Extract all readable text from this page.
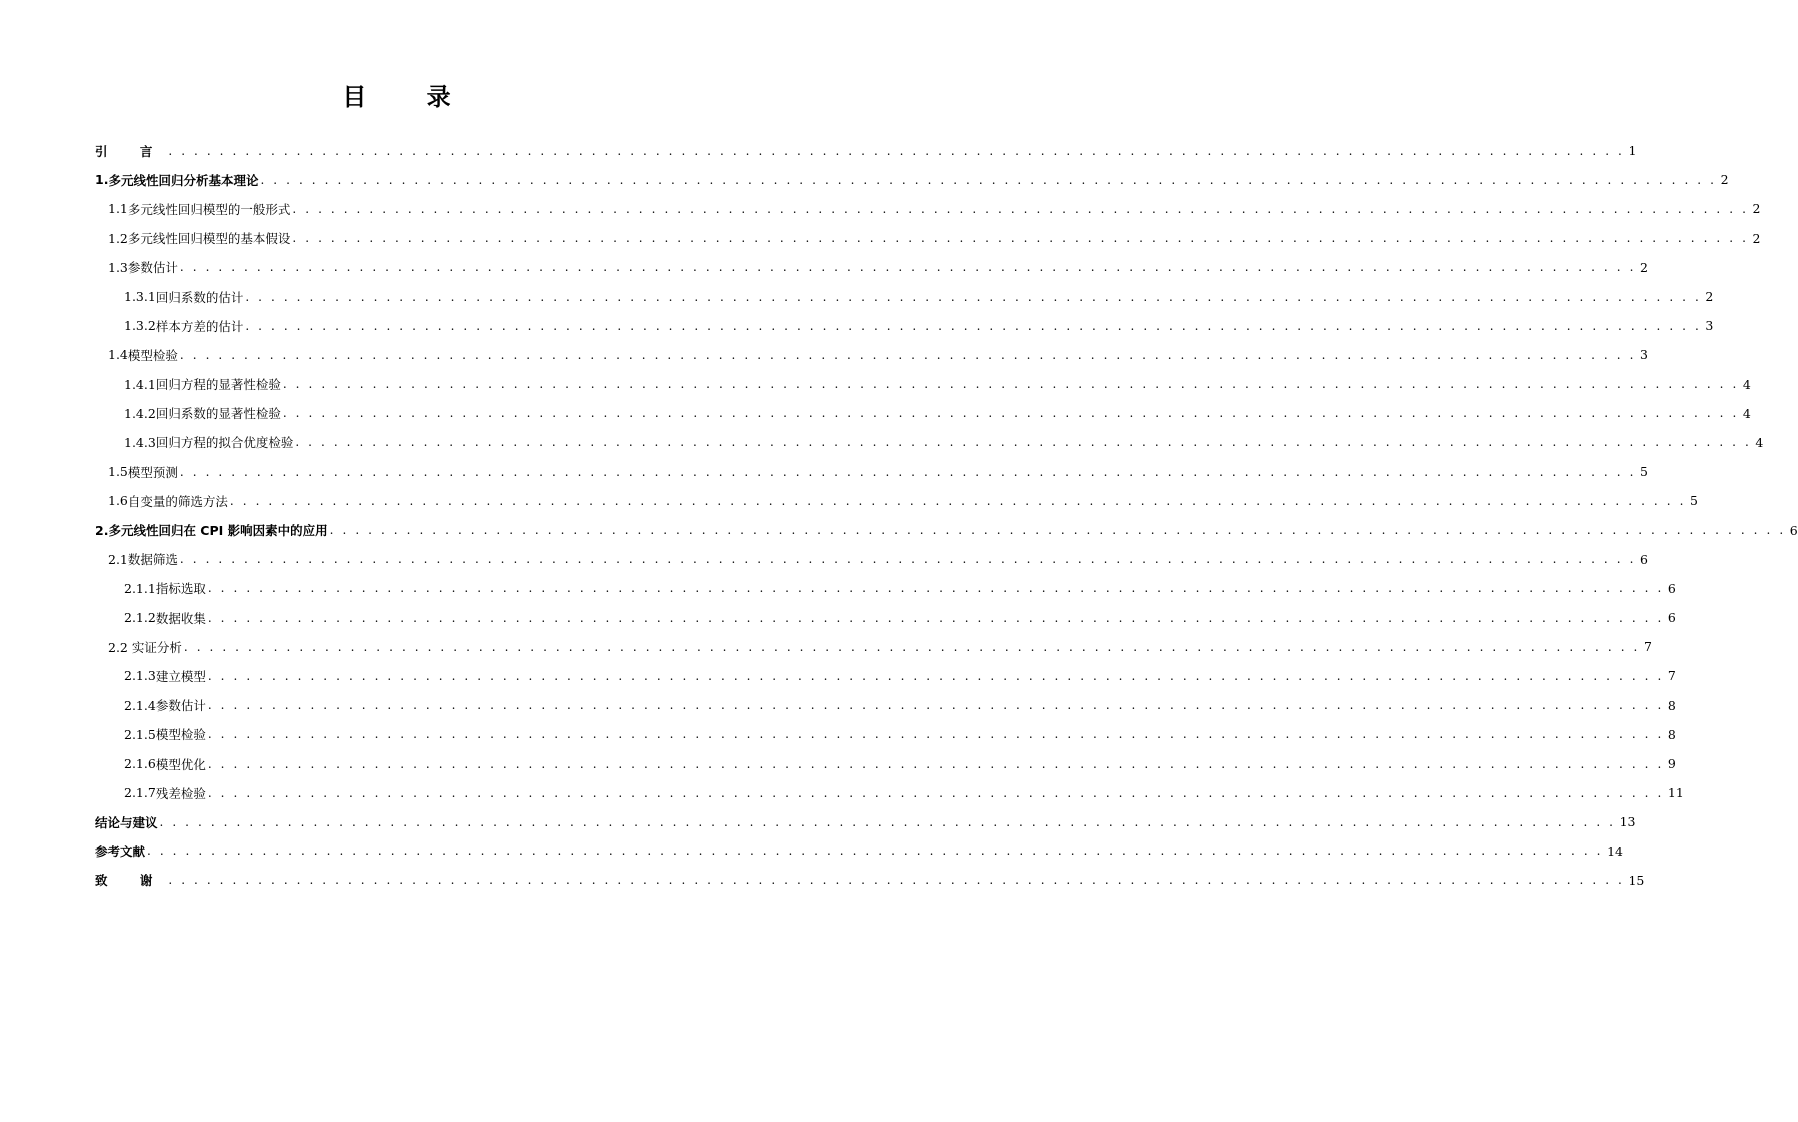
目 录
引 言 . . . . . . . . . . . . . . . . . . . . . . . . . . . . . . . . . . . . . . . . . . . . . . . . . . . . . . . . . . . . . . . . . . . . . . . . . . . . . . . . . . . . . . . . . . . . . . . . . . . . . . . . . . . . . . . . . . 1
1. 多元线性回归分析基本理论 . . . . . . . . . . . . . . . . . . . . . . . . . . . . . . . . . . . . . . . . . . . . . . . . . . . . . . . . . . . . . . . . . . . . . . . . . . . . . . . . . . . . . . . . . . . . . . . . . . . . . . . . . . . . . . . . . . 2
1.1 多元线性回归模型的一般形式 . . . . . . . . . . . . . . . . . . . . . . . . . . . . . . . . . . . . . . . . . . . . . . . . . . . . . . . . . . . . . . . . . . . . . . . . . . . . . . . . . . . . . . . . . . . . . . . . . . . . . . . . . . . . . . . . . . 2
1.2 多元线性回归模型的基本假设 . . . . . . . . . . . . . . . . . . . . . . . . . . . . . . . . . . . . . . . . . . . . . . . . . . . . . . . . . . . . . . . . . . . . . . . . . . . . . . . . . . . . . . . . . . . . . . . . . . . . . . . . . . . . . . . . . . 2
1.3 参数估计 . . . . . . . . . . . . . . . . . . . . . . . . . . . . . . . . . . . . . . . . . . . . . . . . . . . . . . . . . . . . . . . . . . . . . . . . . . . . . . . . . . . . . . . . . . . . . . . . . . . . . . . . . . . . . . . . . . 2
1.3.1 回归系数的估计 . . . . . . . . . . . . . . . . . . . . . . . . . . . . . . . . . . . . . . . . . . . . . . . . . . . . . . . . . . . . . . . . . . . . . . . . . . . . . . . . . . . . . . . . . . . . . . . . . . . . . . . . . . . . . . . . . . 2
1.3.2 样本方差的估计 . . . . . . . . . . . . . . . . . . . . . . . . . . . . . . . . . . . . . . . . . . . . . . . . . . . . . . . . . . . . . . . . . . . . . . . . . . . . . . . . . . . . . . . . . . . . . . . . . . . . . . . . . . . . . . . . . . 3
1.4 模型检验 . . . . . . . . . . . . . . . . . . . . . . . . . . . . . . . . . . . . . . . . . . . . . . . . . . . . . . . . . . . . . . . . . . . . . . . . . . . . . . . . . . . . . . . . . . . . . . . . . . . . . . . . . . . . . . . . . . 3
1.4.1 回归方程的显著性检验 . . . . . . . . . . . . . . . . . . . . . . . . . . . . . . . . . . . . . . . . . . . . . . . . . . . . . . . . . . . . . . . . . . . . . . . . . . . . . . . . . . . . . . . . . . . . . . . . . . . . . . . . . . . . . . . . . . 4
1.4.2 回归系数的显著性检验 . . . . . . . . . . . . . . . . . . . . . . . . . . . . . . . . . . . . . . . . . . . . . . . . . . . . . . . . . . . . . . . . . . . . . . . . . . . . . . . . . . . . . . . . . . . . . . . . . . . . . . . . . . . . . . . . . . 4
1.4.3 回归方程的拟合优度检验 . . . . . . . . . . . . . . . . . . . . . . . . . . . . . . . . . . . . . . . . . . . . . . . . . . . . . . . . . . . . . . . . . . . . . . . . . . . . . . . . . . . . . . . . . . . . . . . . . . . . . . . . . . . . . . . . . . 4
1.5 模型预测 . . . . . . . . . . . . . . . . . . . . . . . . . . . . . . . . . . . . . . . . . . . . . . . . . . . . . . . . . . . . . . . . . . . . . . . . . . . . . . . . . . . . . . . . . . . . . . . . . . . . . . . . . . . . . . . . . . 5
1.6 自变量的筛选方法 . . . . . . . . . . . . . . . . . . . . . . . . . . . . . . . . . . . . . . . . . . . . . . . . . . . . . . . . . . . . . . . . . . . . . . . . . . . . . . . . . . . . . . . . . . . . . . . . . . . . . . . . . . . . . . . . . . 5
2. 多元线性回归在 CPI 影响因素中的应用 . . . . . . . . . . . . . . . . . . . . . . . . . . . . . . . . . . . . . . . . . . . . . . . . . . . . . . . . . . . . . . . . . . . . . . . . . . . . . . . . . . . . . . . . . . . . . . . . . . . . . . . . . . . . . . . . . . 6
2.1 数据筛选 . . . . . . . . . . . . . . . . . . . . . . . . . . . . . . . . . . . . . . . . . . . . . . . . . . . . . . . . . . . . . . . . . . . . . . . . . . . . . . . . . . . . . . . . . . . . . . . . . . . . . . . . . . . . . . . . . . 6
2.1.1 指标选取 . . . . . . . . . . . . . . . . . . . . . . . . . . . . . . . . . . . . . . . . . . . . . . . . . . . . . . . . . . . . . . . . . . . . . . . . . . . . . . . . . . . . . . . . . . . . . . . . . . . . . . . . . . . . . . . . . . 6
2.1.2 数据收集 . . . . . . . . . . . . . . . . . . . . . . . . . . . . . . . . . . . . . . . . . . . . . . . . . . . . . . . . . . . . . . . . . . . . . . . . . . . . . . . . . . . . . . . . . . . . . . . . . . . . . . . . . . . . . . . . . . 6
2.2 实证分析 . . . . . . . . . . . . . . . . . . . . . . . . . . . . . . . . . . . . . . . . . . . . . . . . . . . . . . . . . . . . . . . . . . . . . . . . . . . . . . . . . . . . . . . . . . . . . . . . . . . . . . . . . . . . . . . . . . 7
2.1.3 建立模型 . . . . . . . . . . . . . . . . . . . . . . . . . . . . . . . . . . . . . . . . . . . . . . . . . . . . . . . . . . . . . . . . . . . . . . . . . . . . . . . . . . . . . . . . . . . . . . . . . . . . . . . . . . . . . . . . . . 7
2.1.4 参数估计 . . . . . . . . . . . . . . . . . . . . . . . . . . . . . . . . . . . . . . . . . . . . . . . . . . . . . . . . . . . . . . . . . . . . . . . . . . . . . . . . . . . . . . . . . . . . . . . . . . . . . . . . . . . . . . . . . . 8
2.1.5 模型检验 . . . . . . . . . . . . . . . . . . . . . . . . . . . . . . . . . . . . . . . . . . . . . . . . . . . . . . . . . . . . . . . . . . . . . . . . . . . . . . . . . . . . . . . . . . . . . . . . . . . . . . . . . . . . . . . . . . 8
2.1.6 模型优化 . . . . . . . . . . . . . . . . . . . . . . . . . . . . . . . . . . . . . . . . . . . . . . . . . . . . . . . . . . . . . . . . . . . . . . . . . . . . . . . . . . . . . . . . . . . . . . . . . . . . . . . . . . . . . . . . . . 9
2.1.7 残差检验 . . . . . . . . . . . . . . . . . . . . . . . . . . . . . . . . . . . . . . . . . . . . . . . . . . . . . . . . . . . . . . . . . . . . . . . . . . . . . . . . . . . . . . . . . . . . . . . . . . . . . . . . . . . . . . . . . . 11
结论与建议 . . . . . . . . . . . . . . . . . . . . . . . . . . . . . . . . . . . . . . . . . . . . . . . . . . . . . . . . . . . . . . . . . . . . . . . . . . . . . . . . . . . . . . . . . . . . . . . . . . . . . . . . . . . . . . . . . . 13
参考文献 . . . . . . . . . . . . . . . . . . . . . . . . . . . . . . . . . . . . . . . . . . . . . . . . . . . . . . . . . . . . . . . . . . . . . . . . . . . . . . . . . . . . . . . . . . . . . . . . . . . . . . . . . . . . . . . . . . 14
致 谢 . . . . . . . . . . . . . . . . . . . . . . . . . . . . . . . . . . . . . . . . . . . . . . . . . . . . . . . . . . . . . . . . . . . . . . . . . . . . . . . . . . . . . . . . . . . . . . . . . . . . . . . . . . . . . . . . . . 15
